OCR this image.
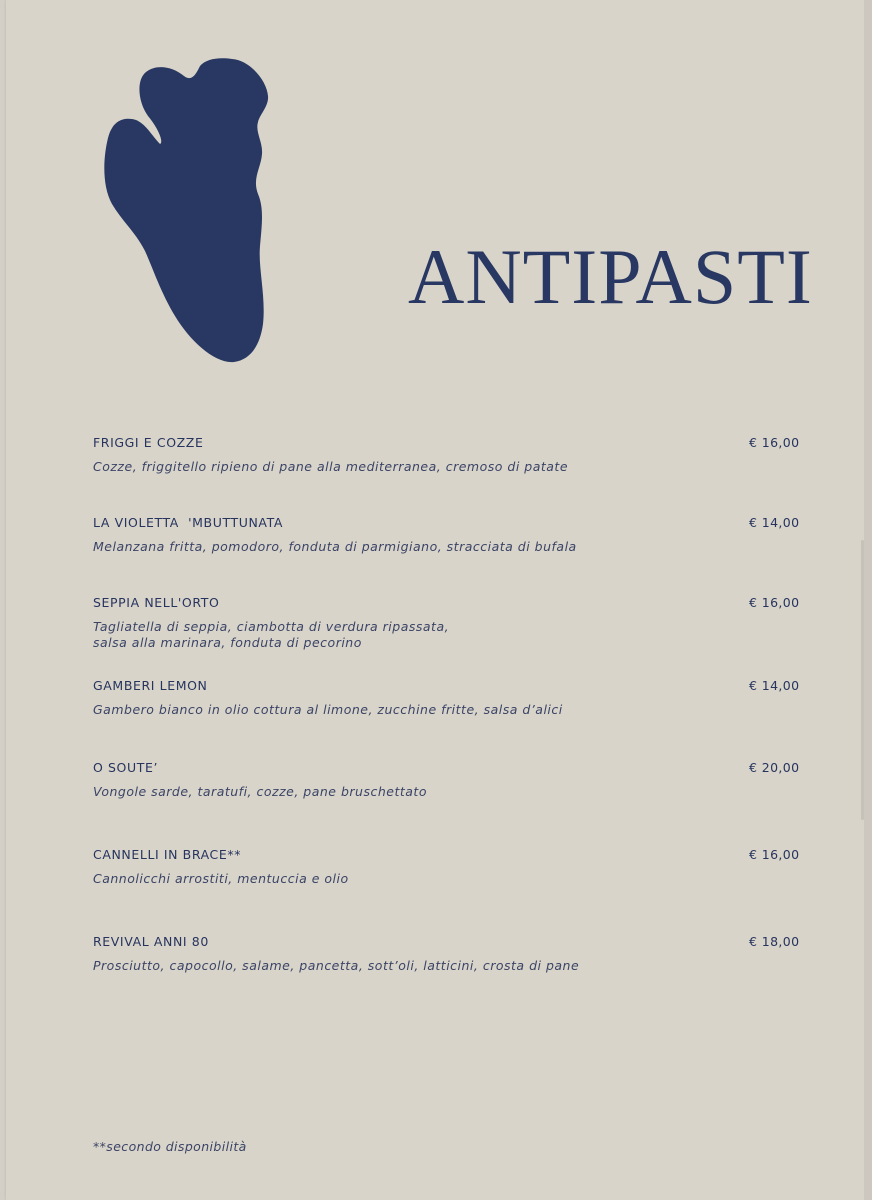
ANTIPASTI
FRIGGI E COZZE	€ 16,00
Cozze, friggitello ripieno di pane alla mediterranea, cremoso di patate
LA VIOLETTA  'MBUTTUNATA	€ 14,00
Melanzana fritta, pomodoro, fonduta di parmigiano, stracciata di bufala
SEPPIA NELL'ORTO	€ 16,00
Tagliatella di seppia, ciambotta di verdura ripassata,
salsa alla marinara, fonduta di pecorino
GAMBERI LEMON	€ 14,00
Gambero bianco in olio cottura al limone, zucchine fritte, salsa d’alici
O SOUTE’	€ 20,00
Vongole sarde, taratufi, cozze, pane bruschettato
CANNELLI IN BRACE**	€ 16,00
Cannolicchi arrostiti, mentuccia e olio
REVIVAL ANNI 80	€ 18,00
Prosciutto, capocollo, salame, pancetta, sott’oli, latticini, crosta di pane
**secondo disponibilità
